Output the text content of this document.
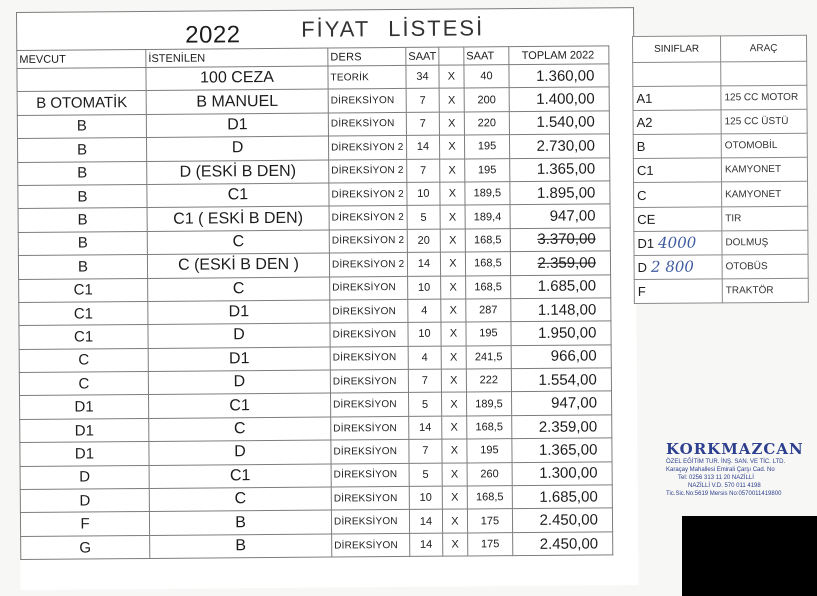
2022	FİYAT LİSTESİ
MEVCUT	İSTENİLEN	DERS	SAAT		SAAT	TOPLAM 2022
	100 CEZA	TEORİK	34	X	40	1.360,00
B OTOMATİK	B MANUEL	DİREKSİYON	7	X	200	1.400,00
B	D1	DİREKSİYON	7	X	220	1.540,00
B	D	DİREKSİYON 2	14	X	195	2.730,00
B	D (ESKİ B DEN)	DİREKSİYON 2	7	X	195	1.365,00
B	C1	DİREKSİYON 2	10	X	189,5	1.895,00
B	C1 ( ESKİ B DEN)	DİREKSİYON 2	5	X	189,4	947,00
B	C	DİREKSİYON 2	20	X	168,5	3.370,00
B	C (ESKİ B DEN )	DİREKSİYON 2	14	X	168,5	2.359,00
C1	C	DİREKSİYON	10	X	168,5	1.685,00
C1	D1	DİREKSİYON	4	X	287	1.148,00
C1	D	DİREKSİYON	10	X	195	1.950,00
C	D1	DİREKSİYON	4	X	241,5	966,00
C	D	DİREKSİYON	7	X	222	1.554,00
D1	C1	DİREKSİYON	5	X	189,5	947,00
D1	C	DİREKSİYON	14	X	168,5	2.359,00
D1	D	DİREKSİYON	7	X	195	1.365,00
D	C1	DİREKSİYON	5	X	260	1.300,00
D	C	DİREKSİYON	10	X	168,5	1.685,00
F	B	DİREKSİYON	14	X	175	2.450,00
G	B	DİREKSİYON	14	X	175	2.450,00
SINIFLAR	ARAÇ

A1	125 CC MOTOR
A2	125 CC ÜSTÜ
B	OTOMOBİL
C1	KAMYONET
C	KAMYONET
CE	TIR
D1 4000	DOLMUŞ
D 2 800	OTOBÜS
F	TRAKTÖR
KORKMAZCAN
ÖZEL EĞİTİM TUR. İNŞ. SAN. VE TİC. LTD.
Karaçay Mahallesi Emirali Çarşı Cad. No
Tel: 0256 313 11 20 NAZİLLİ
NAZİLLİ V.D. 570 011 4198
Tic.Sic.No:5619 Mersis No:0570011419800
